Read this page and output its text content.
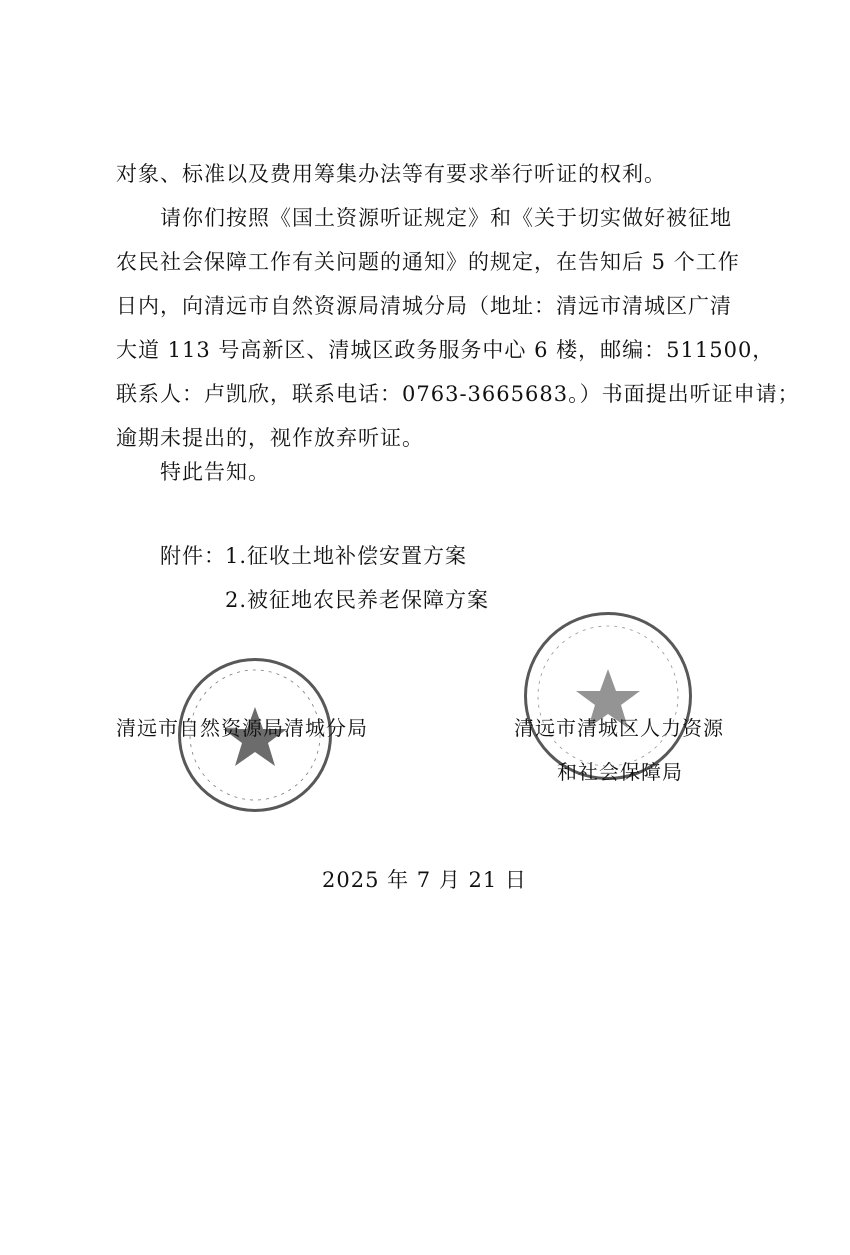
对象、标准以及费用筹集办法等有要求举行听证的权利。
请你们按照《国土资源听证规定》和《关于切实做好被征地
农民社会保障工作有关问题的通知》的规定，在告知后 5 个工作
日内，向清远市自然资源局清城分局（地址：清远市清城区广清
大道 113 号高新区、清城区政务服务中心 6 楼，邮编：511500，
联系人：卢凯欣，联系电话：0763-3665683。）书面提出听证申请；
逾期未提出的，视作放弃听证。
特此告知。
附件： 1.征收土地补偿安置方案
2.被征地农民养老保障方案
清远市自然资源局清城分局	清远市清城区人力资源
和社会保障局
2025 年 7 月 21 日
